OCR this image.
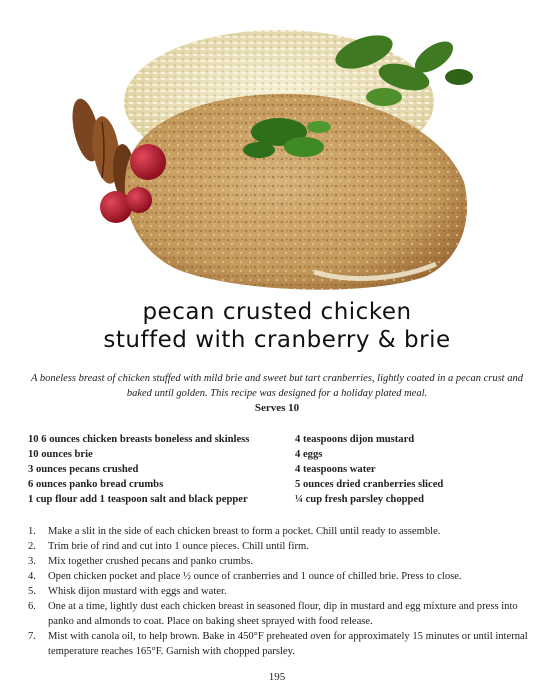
pecan crusted chicken
stuffed with cranberry & brie
A boneless breast of chicken stuffed with mild brie and sweet but tart cranberries, lightly coated in a pecan crust and baked until golden. This recipe was designed for a holiday plated meal.
Serves 10
10 6 ounces chicken breasts boneless and skinless
10 ounces brie
3 ounces pecans crushed
6 ounces panko bread crumbs
1 cup flour add 1 teaspoon salt and black pepper
4 teaspoons dijon mustard
4 eggs
4 teaspoons water
5 ounces dried cranberries sliced
¼ cup fresh parsley chopped
1. Make a slit in the side of each chicken breast to form a pocket. Chill until ready to assemble.
2. Trim brie of rind and cut into 1 ounce pieces. Chill until firm.
3. Mix together crushed pecans and panko crumbs.
4. Open chicken pocket and place ½ ounce of cranberries and 1 ounce of chilled brie. Press to close.
5. Whisk dijon mustard with eggs and water.
6. One at a time, lightly dust each chicken breast in seasoned flour, dip in mustard and egg mixture and press into panko and almonds to coat. Place on baking sheet sprayed with food release.
7. Mist with canola oil, to help brown. Bake in 450°F preheated oven for approximately 15 minutes or until internal temperature reaches 165°F. Garnish with chopped parsley.
195
